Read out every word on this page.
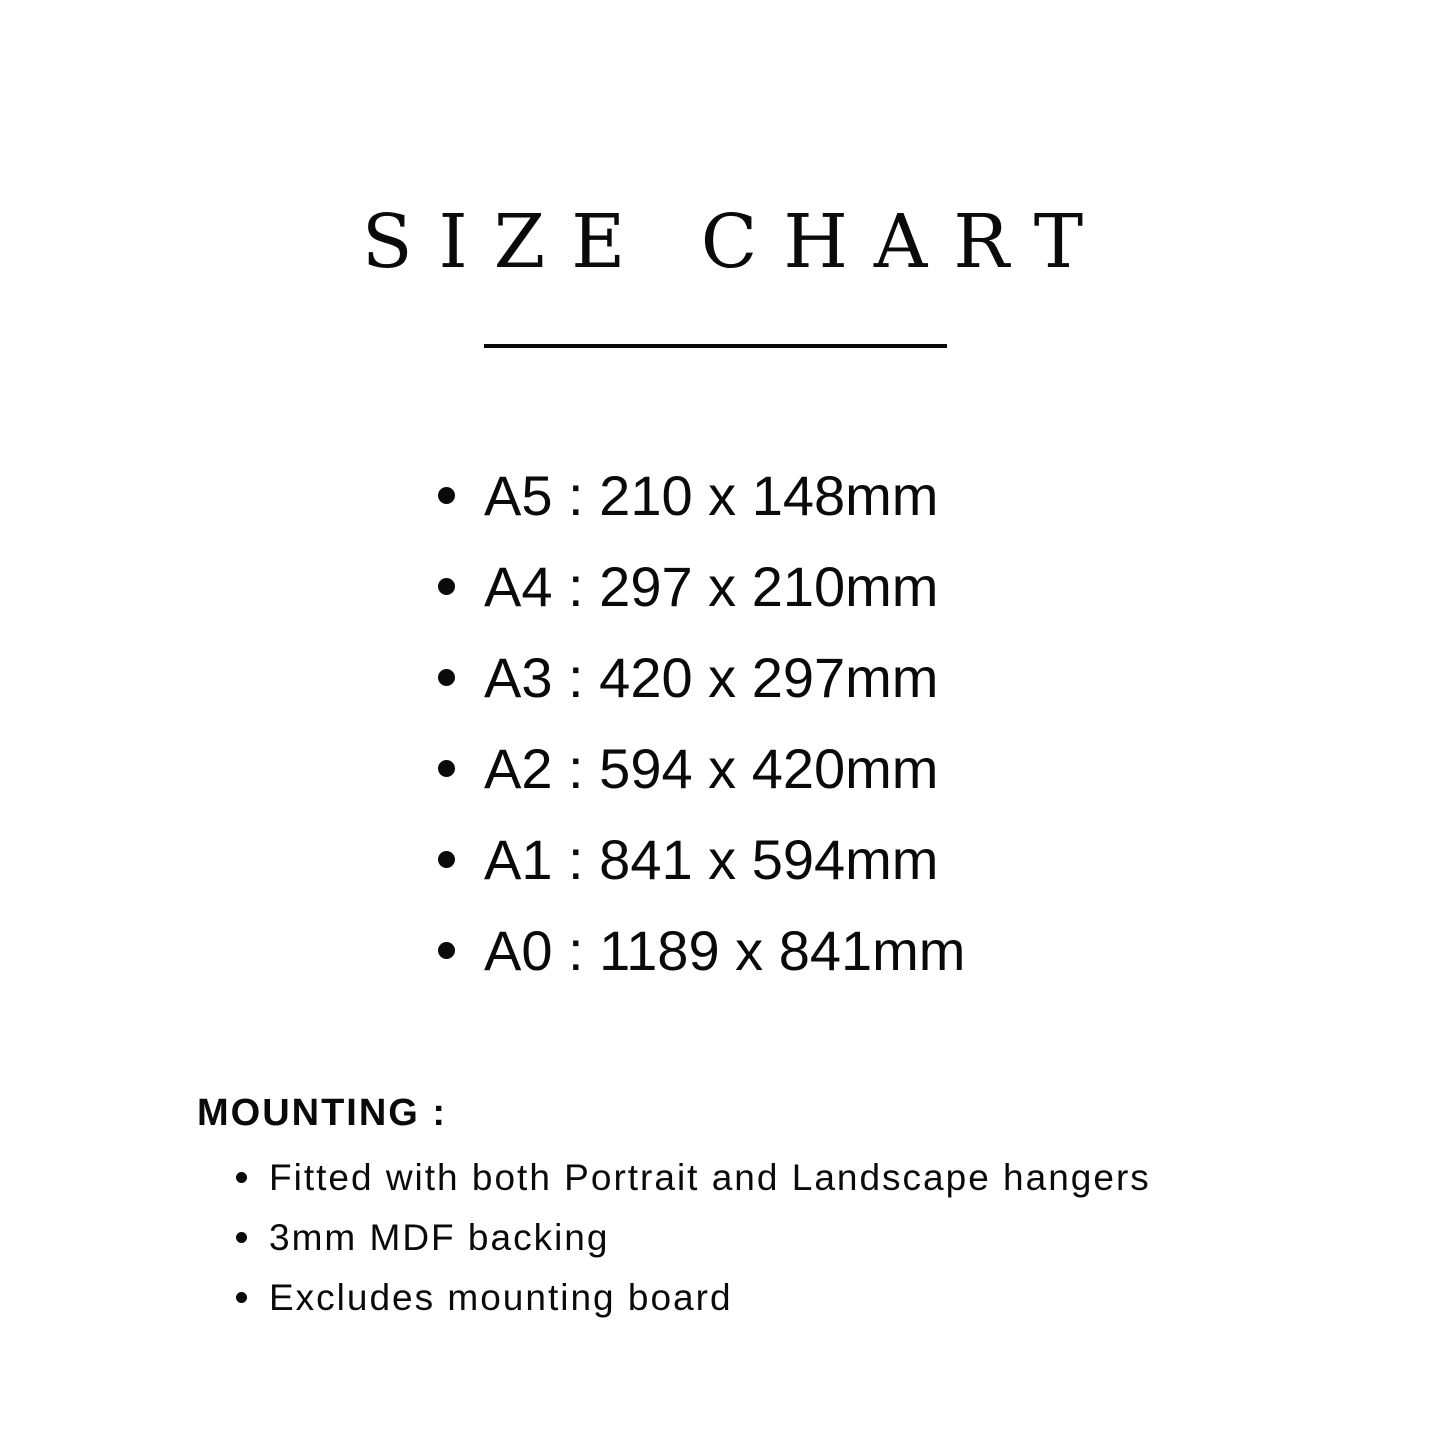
SIZE CHART
A5 : 210 x 148mm
A4 : 297 x 210mm
A3 : 420 x 297mm
A2 : 594 x 420mm
A1 : 841 x 594mm
A0 : 1189 x 841mm
MOUNTING :
Fitted with both Portrait and Landscape hangers
3mm MDF backing
Excludes mounting board
